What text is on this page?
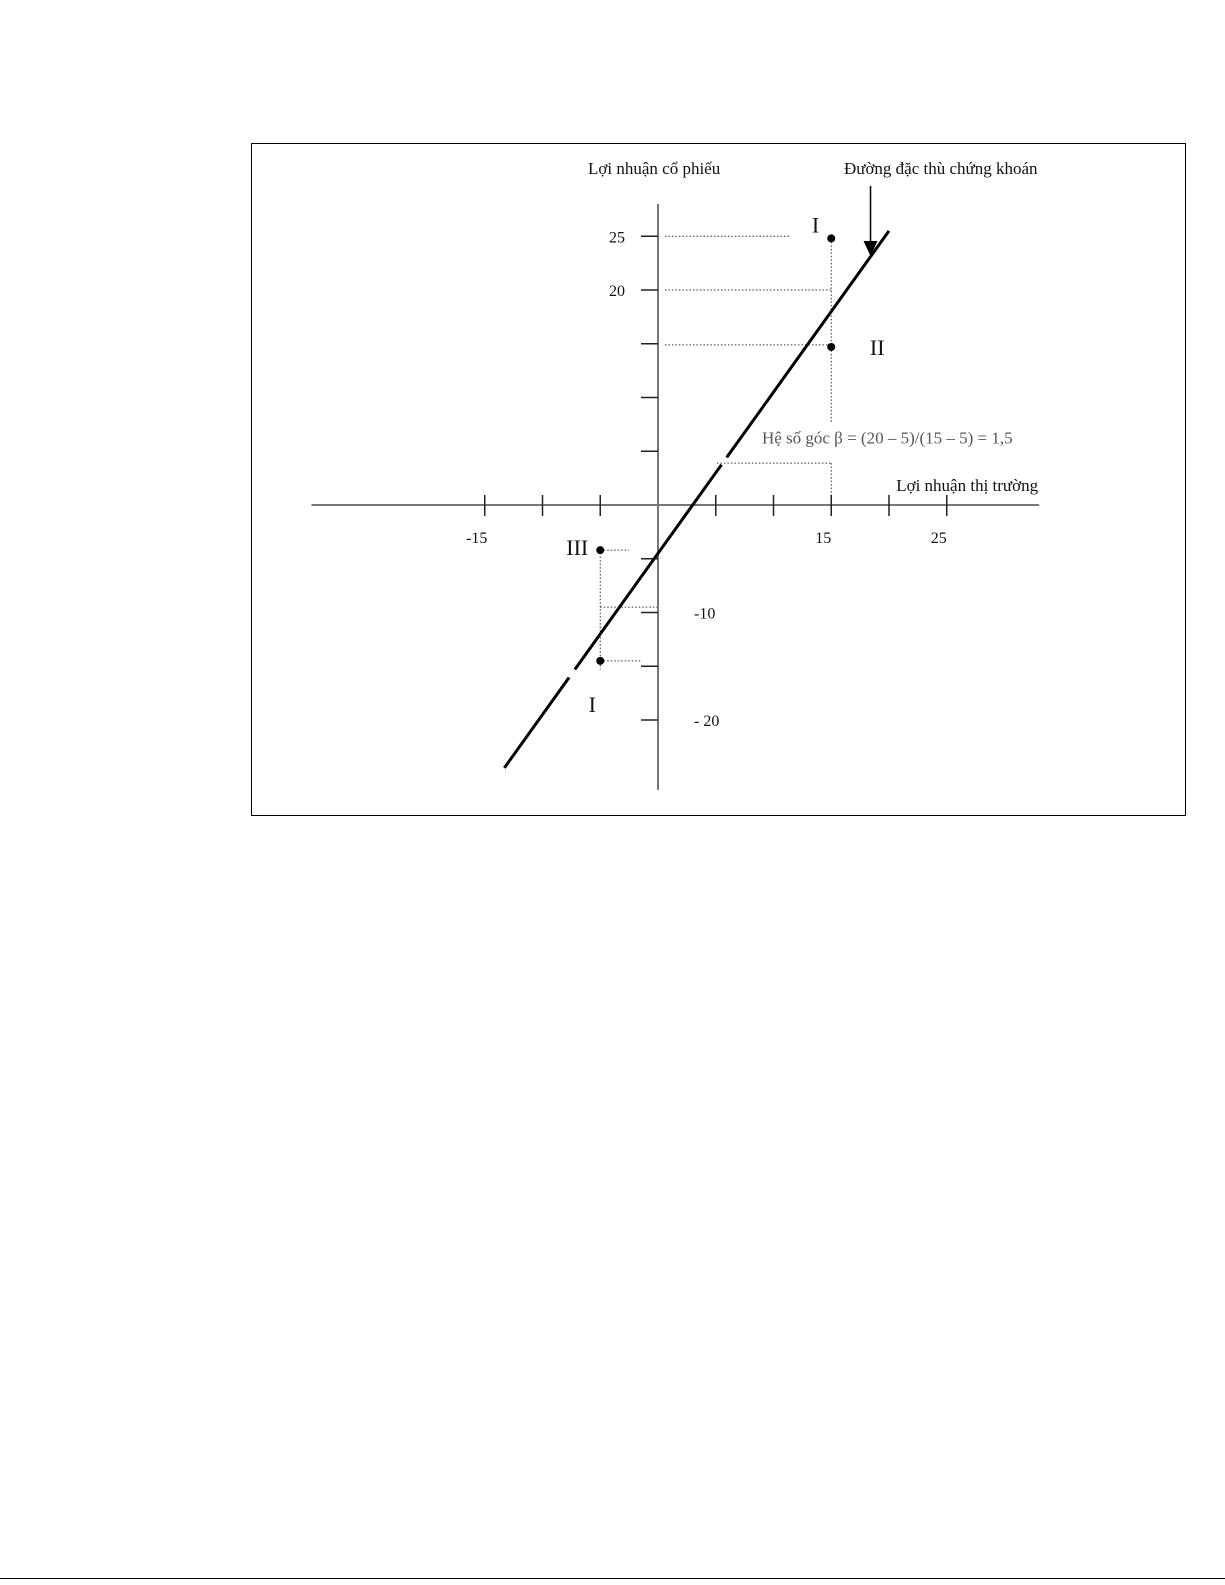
-15	15	25
25
20
-10
- 20
Lợi nhuận cổ phiếu
Lợi nhuận thị trường
Đường đặc thù chứng khoán
I
II
III
I
Hệ số góc β = (20 – 5)/(15 – 5) = 1,5
